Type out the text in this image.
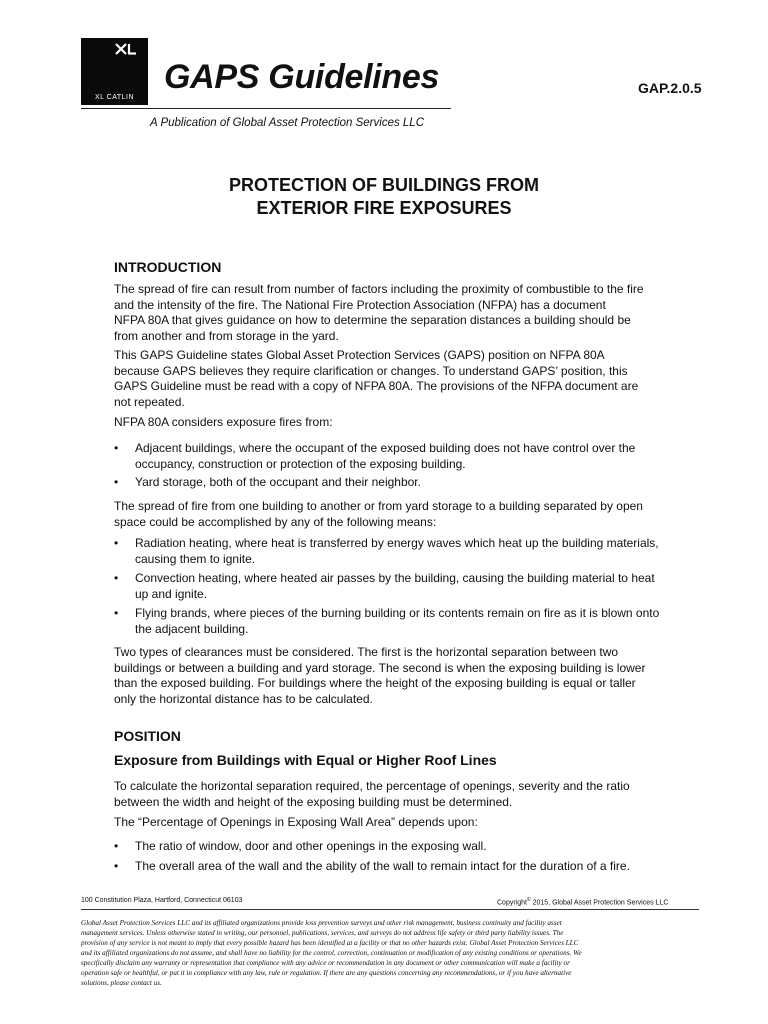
XL CATLIN
GAPS Guidelines	GAP.2.0.5
A Publication of Global Asset Protection Services LLC
PROTECTION OF BUILDINGS FROM
EXTERIOR FIRE EXPOSURES
INTRODUCTION
The spread of fire can result from number of factors including the proximity of combustible to the fire
and the intensity of the fire. The National Fire Protection Association (NFPA) has a document
NFPA 80A that gives guidance on how to determine the separation distances a building should be
from another and from storage in the yard.
This GAPS Guideline states Global Asset Protection Services (GAPS) position on NFPA 80A
because GAPS believes they require clarification or changes. To understand GAPS’ position, this
GAPS Guideline must be read with a copy of NFPA 80A. The provisions of the NFPA document are
not repeated.
NFPA 80A considers exposure fires from:
• Adjacent buildings, where the occupant of the exposed building does not have control over the
occupancy, construction or protection of the exposing building.
• Yard storage, both of the occupant and their neighbor.
The spread of fire from one building to another or from yard storage to a building separated by open
space could be accomplished by any of the following means:
• Radiation heating, where heat is transferred by energy waves which heat up the building materials,
causing them to ignite.
• Convection heating, where heated air passes by the building, causing the building material to heat
up and ignite.
• Flying brands, where pieces of the burning building or its contents remain on fire as it is blown onto
the adjacent building.
Two types of clearances must be considered. The first is the horizontal separation between two
buildings or between a building and yard storage. The second is when the exposing building is lower
than the exposed building. For buildings where the height of the exposing building is equal or taller
only the horizontal distance has to be calculated.
POSITION
Exposure from Buildings with Equal or Higher Roof Lines
To calculate the horizontal separation required, the percentage of openings, severity and the ratio
between the width and height of the exposing building must be determined.
The “Percentage of Openings in Exposing Wall Area” depends upon:
• The ratio of window, door and other openings in the exposing wall.
• The overall area of the wall and the ability of the wall to remain intact for the duration of a fire.
100 Constitution Plaza, Hartford, Connecticut 06103	Copyright© 2015, Global Asset Protection Services LLC
Global Asset Protection Services LLC and its affiliated organizations provide loss prevention surveys and other risk management, business continuity and facility asset
management services. Unless otherwise stated in writing, our personnel, publications, services, and surveys do not address life safety or third party liability issues. The
provision of any service is not meant to imply that every possible hazard has been identified at a facility or that no other hazards exist. Global Asset Protection Services LLC
and its affiliated organizations do not assume, and shall have no liability for the control, correction, continuation or modification of any existing conditions or operations. We
specifically disclaim any warranty or representation that compliance with any advice or recommendation in any document or other communication will make a facility or
operation safe or healthful, or put it in compliance with any law, rule or regulation. If there are any questions concerning any recommendations, or if you have alternative
solutions, please contact us.
